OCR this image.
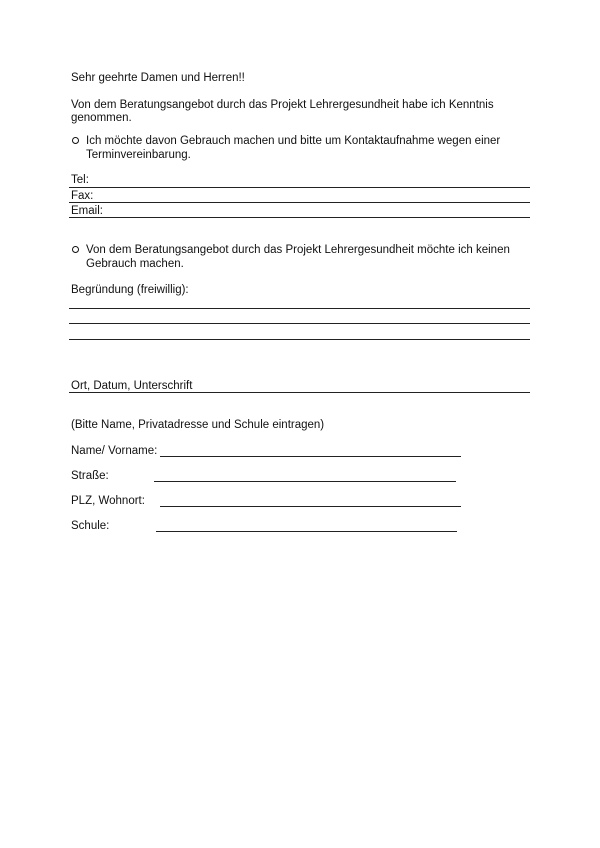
Sehr geehrte Damen und Herren!!
Von dem Beratungsangebot durch das Projekt Lehrergesundheit habe ich Kenntnis
genommen.
Ich möchte davon Gebrauch machen und bitte um Kontaktaufnahme wegen einer
Terminvereinbarung.
Tel:
Fax:
Email:
Von dem Beratungsangebot durch das Projekt Lehrergesundheit möchte ich keinen
Gebrauch machen.
Begründung (freiwillig):
Ort, Datum, Unterschrift
(Bitte Name, Privatadresse und Schule eintragen)
Name/ Vorname:
Straße:
PLZ, Wohnort:
Schule:
